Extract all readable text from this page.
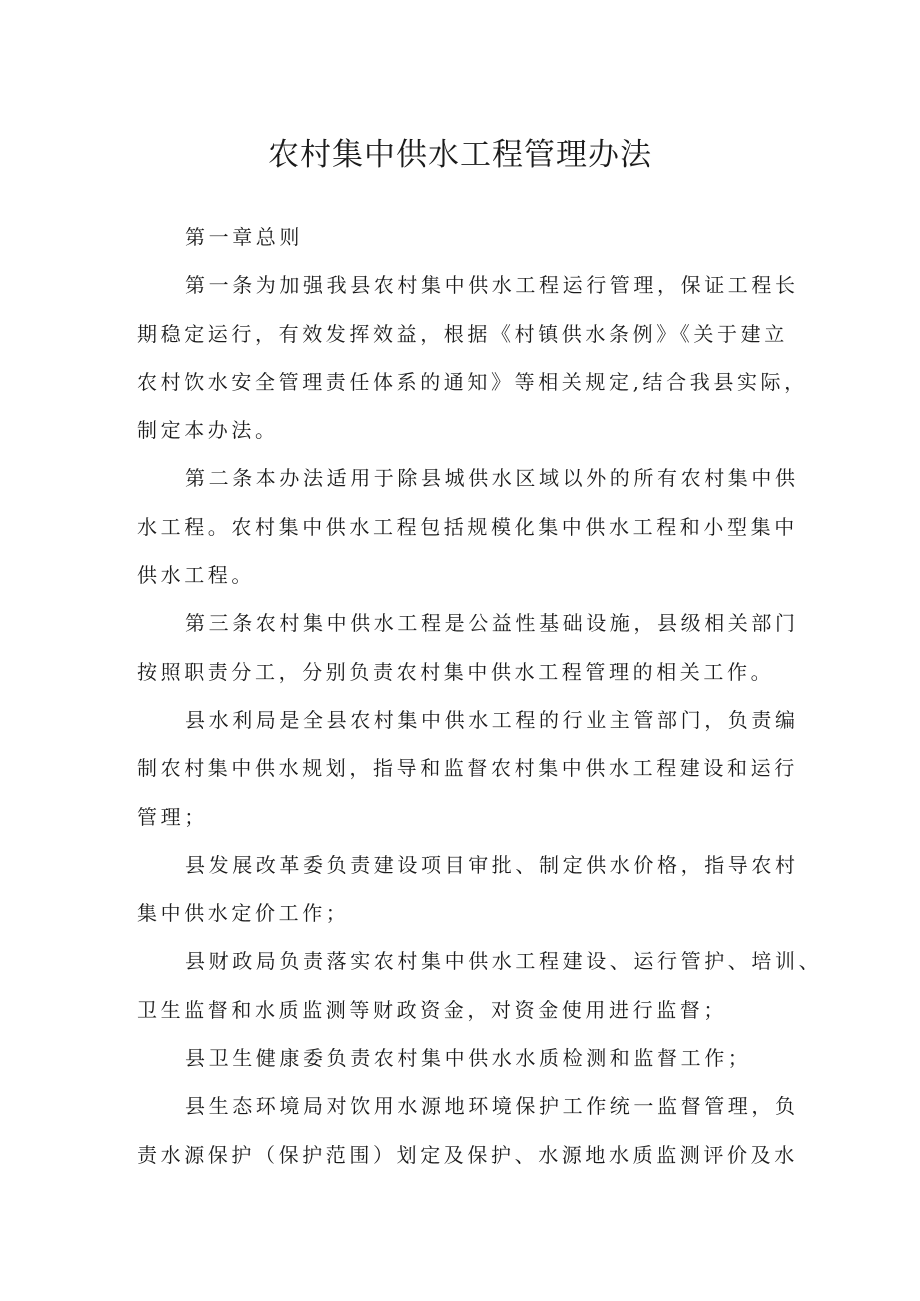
农村集中供水工程管理办法
第一章总则
第一条为加强我县农村集中供水工程运行管理，保证工程长
期稳定运行，有效发挥效益，根据《村镇供水条例》《关于建立
农村饮水安全管理责任体系的通知》等相关规定,结合我县实际，
制定本办法。
第二条本办法适用于除县城供水区域以外的所有农村集中供
水工程。农村集中供水工程包括规模化集中供水工程和小型集中
供水工程。
第三条农村集中供水工程是公益性基础设施，县级相关部门
按照职责分工，分别负责农村集中供水工程管理的相关工作。
县水利局是全县农村集中供水工程的行业主管部门，负责编
制农村集中供水规划，指导和监督农村集中供水工程建设和运行
管理；
县发展改革委负责建设项目审批、制定供水价格，指导农村
集中供水定价工作；
县财政局负责落实农村集中供水工程建设、运行管护、培训、
卫生监督和水质监测等财政资金，对资金使用进行监督；
县卫生健康委负责农村集中供水水质检测和监督工作；
县生态环境局对饮用水源地环境保护工作统一监督管理，负
责水源保护（保护范围）划定及保护、水源地水质监测评价及水
